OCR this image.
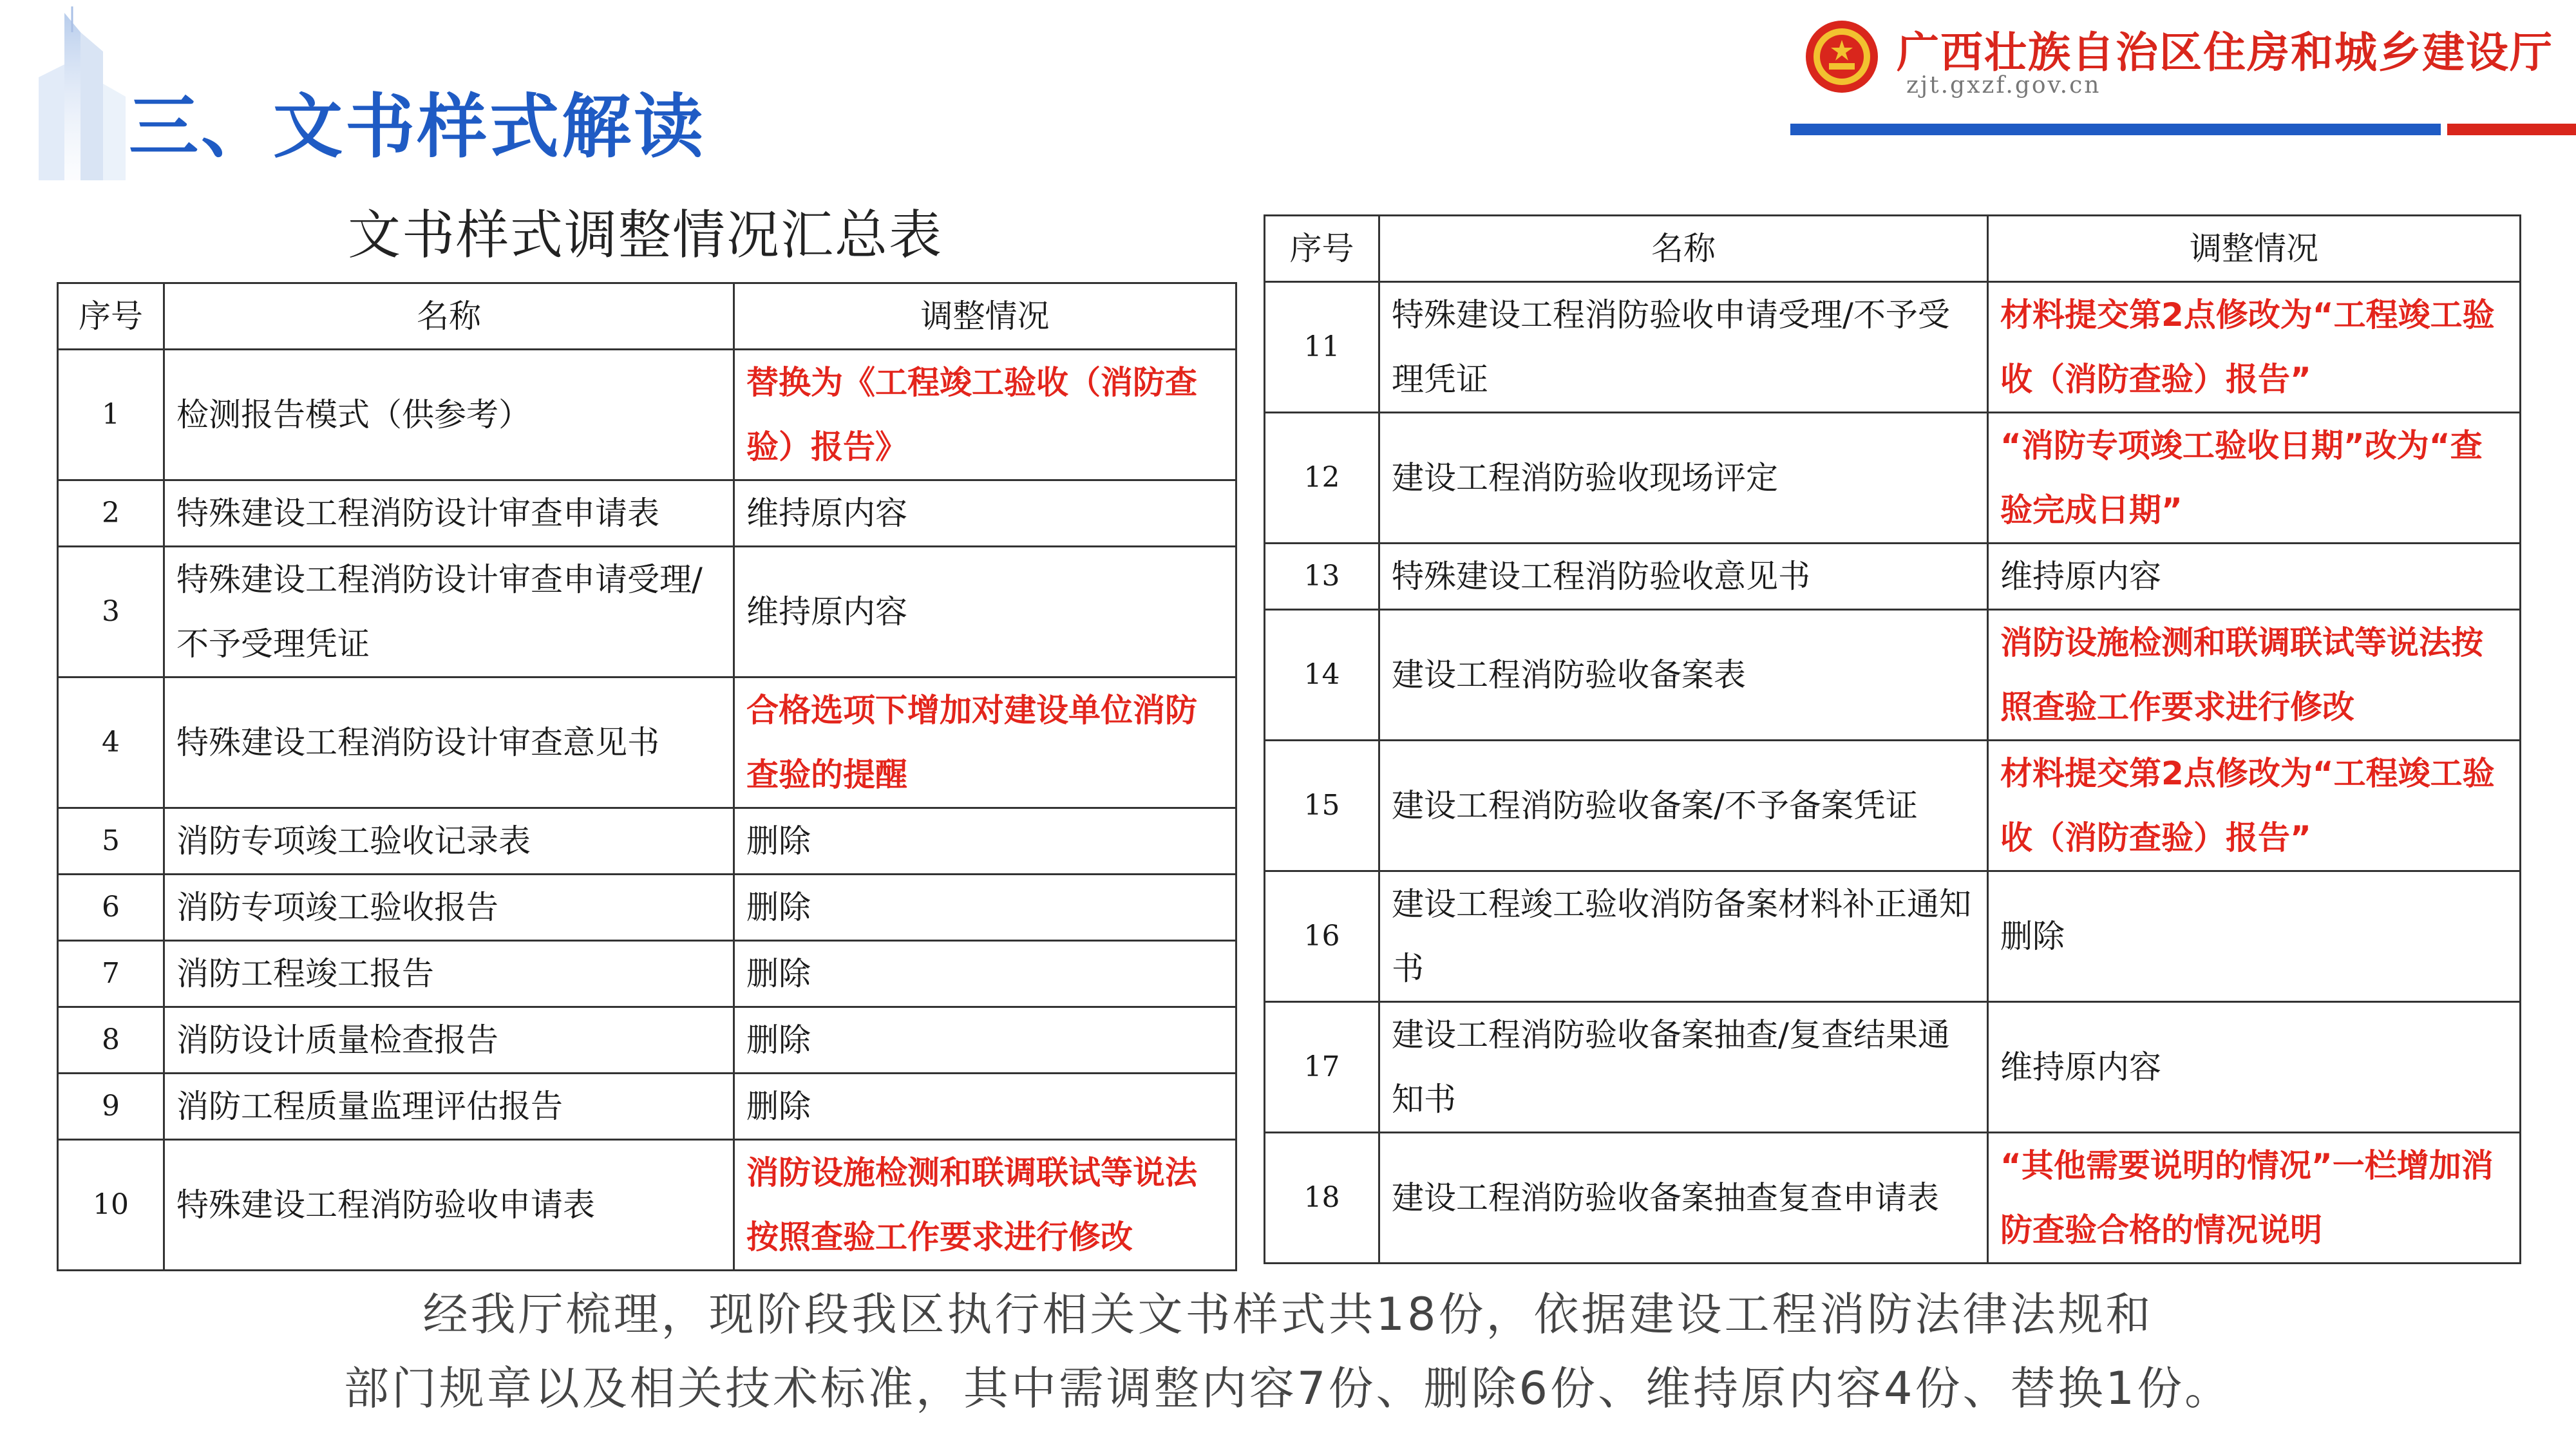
三、文书样式解读
广西壮族自治区住房和城乡建设厅
zjt.gxzf.gov.cn
文书样式调整情况汇总表
序号	名称	调整情况
1	检测报告模式（供参考）	替换为《工程竣工验收（消防查验）报告》
2	特殊建设工程消防设计审查申请表	维持原内容
3	特殊建设工程消防设计审查申请受理/不予受理凭证	维持原内容
4	特殊建设工程消防设计审查意见书	合格选项下增加对建设单位消防查验的提醒
5	消防专项竣工验收记录表	删除
6	消防专项竣工验收报告	删除
7	消防工程竣工报告	删除
8	消防设计质量检查报告	删除
9	消防工程质量监理评估报告	删除
10	特殊建设工程消防验收申请表	消防设施检测和联调联试等说法按照查验工作要求进行修改
序号	名称	调整情况
11	特殊建设工程消防验收申请受理/不予受理凭证	材料提交第2点修改为“工程竣工验收（消防查验）报告”
12	建设工程消防验收现场评定	“消防专项竣工验收日期”改为“查验完成日期”
13	特殊建设工程消防验收意见书	维持原内容
14	建设工程消防验收备案表	消防设施检测和联调联试等说法按照查验工作要求进行修改
15	建设工程消防验收备案/不予备案凭证	材料提交第2点修改为“工程竣工验收（消防查验）报告”
16	建设工程竣工验收消防备案材料补正通知书	删除
17	建设工程消防验收备案抽查/复查结果通知书	维持原内容
18	建设工程消防验收备案抽查复查申请表	“其他需要说明的情况”一栏增加消防查验合格的情况说明
经我厅梳理，现阶段我区执行相关文书样式共18份，依据建设工程消防法律法规和
部门规章以及相关技术标准，其中需调整内容7份、删除6份、维持原内容4份、替换1份。
